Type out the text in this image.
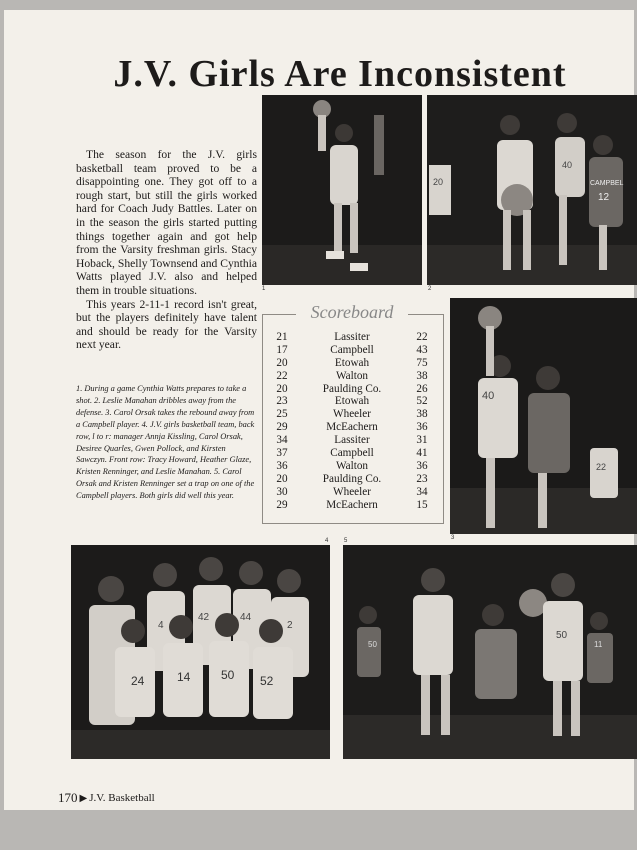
J.V. Girls Are Inconsistent
1
20
40
CAMPBEL
12
2
40
22
3

The season for the J.V. girls basketball team proved to be a disappointing one. They got off to a rough start, but still the girls worked hard for Coach Judy Battles. Later on in the season the girls started putting things together again and got help from the Varsity freshman girls. Stacy Hoback, Shelly Townsend and Cynthia Watts played J.V. also and helped them in trouble situations.

This years 2-11-1 record isn't great, but the players definitely have talent and should be ready for the Varsity next year.

1. During a game Cynthia Watts prepares to take a shot. 2. Leslie Manahan dribbles away from the defense. 3. Carol Orsak takes the rebound away from a Campbell player. 4. J.V. girls basketball team, back row, l to r: manager Annja Kissling, Carol Orsak, Desiree Quarles, Gwen Pollock, and Kirsten Sawczyn. Front row: Tracy Howard, Heather Glaze, Kristen Renninger, and Leslie Manahan. 5. Carol Orsak and Kristen Renninger set a trap on one of the Campbell players. Both girls did well this year.
Scoreboard
21	Lassiter	22
17	Campbell	43
20	Etowah	75
22	Walton	38
20	Paulding Co.	26
23	Etowah	52
25	Wheeler	38
29	McEachern	36
34	Lassiter	31
37	Campbell	41
36	Walton	36
20	Paulding Co.	23
30	Wheeler	34
29	McEachern	15
4
42	44
2
24	14	50 52
4
50
50
11
5
170 ▶ J.V. Basketball
